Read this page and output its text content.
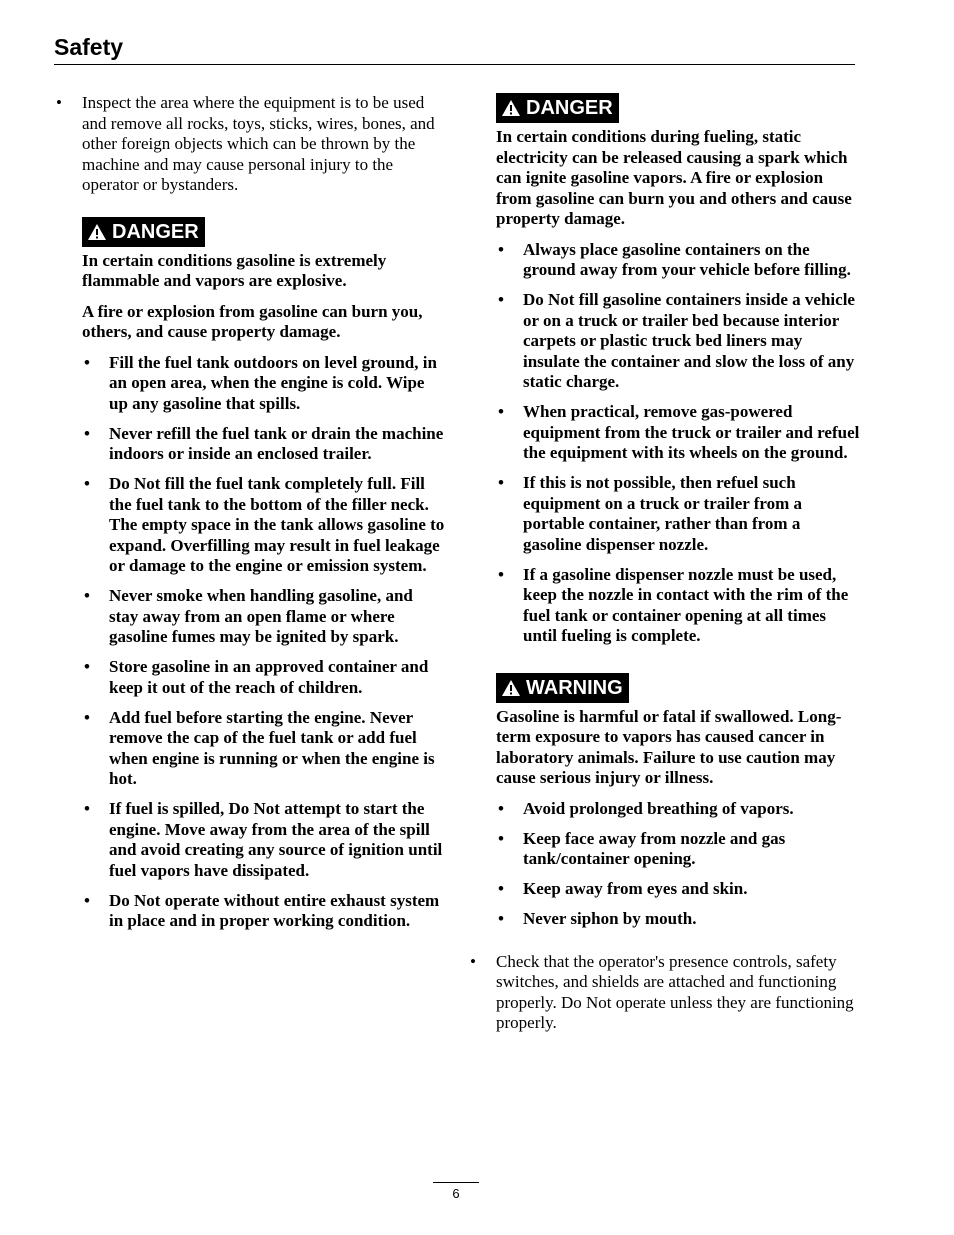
Safety
• Inspect the area where the equipment is to be used and remove all rocks, toys, sticks, wires, bones, and other foreign objects which can be thrown by the machine and may cause personal injury to the operator or bystanders.
DANGER
In certain conditions gasoline is extremely flammable and vapors are explosive.
A fire or explosion from gasoline can burn you, others, and cause property damage.
• Fill the fuel tank outdoors on level ground, in an open area, when the engine is cold. Wipe up any gasoline that spills.
• Never refill the fuel tank or drain the machine indoors or inside an enclosed trailer.
• Do Not fill the fuel tank completely full. Fill the fuel tank to the bottom of the filler neck. The empty space in the tank allows gasoline to expand. Overfilling may result in fuel leakage or damage to the engine or emission system.
• Never smoke when handling gasoline, and stay away from an open flame or where gasoline fumes may be ignited by spark.
• Store gasoline in an approved container and keep it out of the reach of children.
• Add fuel before starting the engine. Never remove the cap of the fuel tank or add fuel when engine is running or when the engine is hot.
• If fuel is spilled, Do Not attempt to start the engine. Move away from the area of the spill and avoid creating any source of ignition until fuel vapors have dissipated.
• Do Not operate without entire exhaust system in place and in proper working condition.
DANGER
In certain conditions during fueling, static electricity can be released causing a spark which can ignite gasoline vapors. A fire or explosion from gasoline can burn you and others and cause property damage.
• Always place gasoline containers on the ground away from your vehicle before filling.
• Do Not fill gasoline containers inside a vehicle or on a truck or trailer bed because interior carpets or plastic truck bed liners may insulate the container and slow the loss of any static charge.
• When practical, remove gas-powered equipment from the truck or trailer and refuel the equipment with its wheels on the ground.
• If this is not possible, then refuel such equipment on a truck or trailer from a portable container, rather than from a gasoline dispenser nozzle.
• If a gasoline dispenser nozzle must be used, keep the nozzle in contact with the rim of the fuel tank or container opening at all times until fueling is complete.
WARNING
Gasoline is harmful or fatal if swallowed. Long-term exposure to vapors has caused cancer in laboratory animals. Failure to use caution may cause serious injury or illness.
• Avoid prolonged breathing of vapors.
• Keep face away from nozzle and gas tank/container opening.
• Keep away from eyes and skin.
• Never siphon by mouth.
• Check that the operator's presence controls, safety switches, and shields are attached and functioning properly. Do Not operate unless they are functioning properly.
6
